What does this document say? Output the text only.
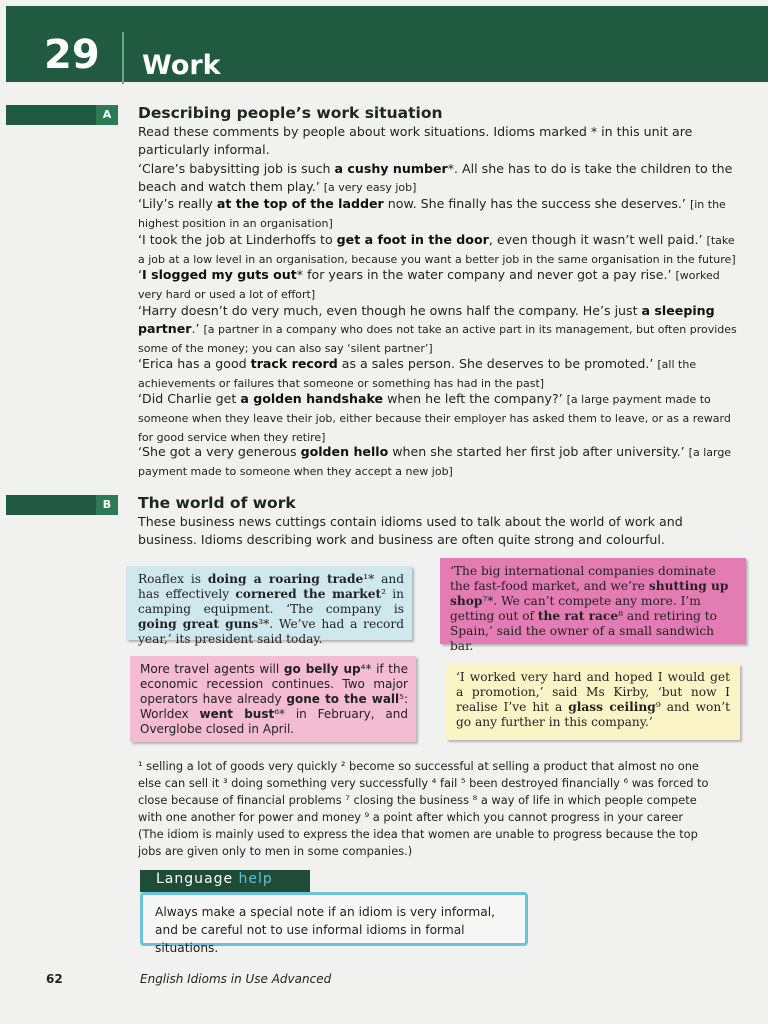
29 Work
A	Describing people’s work situation
Read these comments by people about work situations. Idioms marked * in this unit are particularly informal.
‘Clare’s babysitting job is such a cushy number*. All she has to do is take the children to the beach and watch them play.’ [a very easy job]
‘Lily’s really at the top of the ladder now. She finally has the success she deserves.’ [in the highest position in an organisation]
‘I took the job at Linderhoffs to get a foot in the door, even though it wasn’t well paid.’ [take a job at a low level in an organisation, because you want a better job in the same organisation in the future]
‘I slogged my guts out* for years in the water company and never got a pay rise.’ [worked very hard or used a lot of effort]
‘Harry doesn’t do very much, even though he owns half the company. He’s just a sleeping partner.’ [a partner in a company who does not take an active part in its management, but often provides some of the money; you can also say ‘silent partner’]
‘Erica has a good track record as a sales person. She deserves to be promoted.’ [all the achievements or failures that someone or something has had in the past]
‘Did Charlie get a golden handshake when he left the company?’ [a large payment made to someone when they leave their job, either because their employer has asked them to leave, or as a reward for good service when they retire]
‘She got a very generous golden hello when she started her first job after university.’ [a large payment made to someone when they accept a new job]
B	The world of work
These business news cuttings contain idioms used to talk about the world of work and business. Idioms describing work and business are often quite strong and colourful.
Roaflex is doing a roaring trade¹* and has effectively cornered the market² in camping equipment. ‘The company is going great guns³*. We’ve had a record year,’ its president said today.
‘The big international companies dominate the fast-food market, and we’re shutting up shop⁷*. We can’t compete any more. I’m getting out of the rat race⁸ and retiring to Spain,’ said the owner of a small sandwich bar.
More travel agents will go belly up⁴* if the economic recession continues. Two major operators have already gone to the wall⁵: Worldex went bust⁶* in February, and Overglobe closed in April.
‘I worked very hard and hoped I would get a promotion,’ said Ms Kirby, ‘but now I realise I’ve hit a glass ceiling⁹ and won’t go any further in this company.’
¹ selling a lot of goods very quickly ² become so successful at selling a product that almost no one else can sell it ³ doing something very successfully ⁴ fail ⁵ been destroyed financially ⁶ was forced to close because of financial problems ⁷ closing the business ⁸ a way of life in which people compete with one another for power and money ⁹ a point after which you cannot progress in your career (The idiom is mainly used to express the idea that women are unable to progress because the top jobs are given only to men in some companies.)
Language help
Always make a special note if an idiom is very informal, and be careful not to use informal idioms in formal situations.
62	English Idioms in Use Advanced
